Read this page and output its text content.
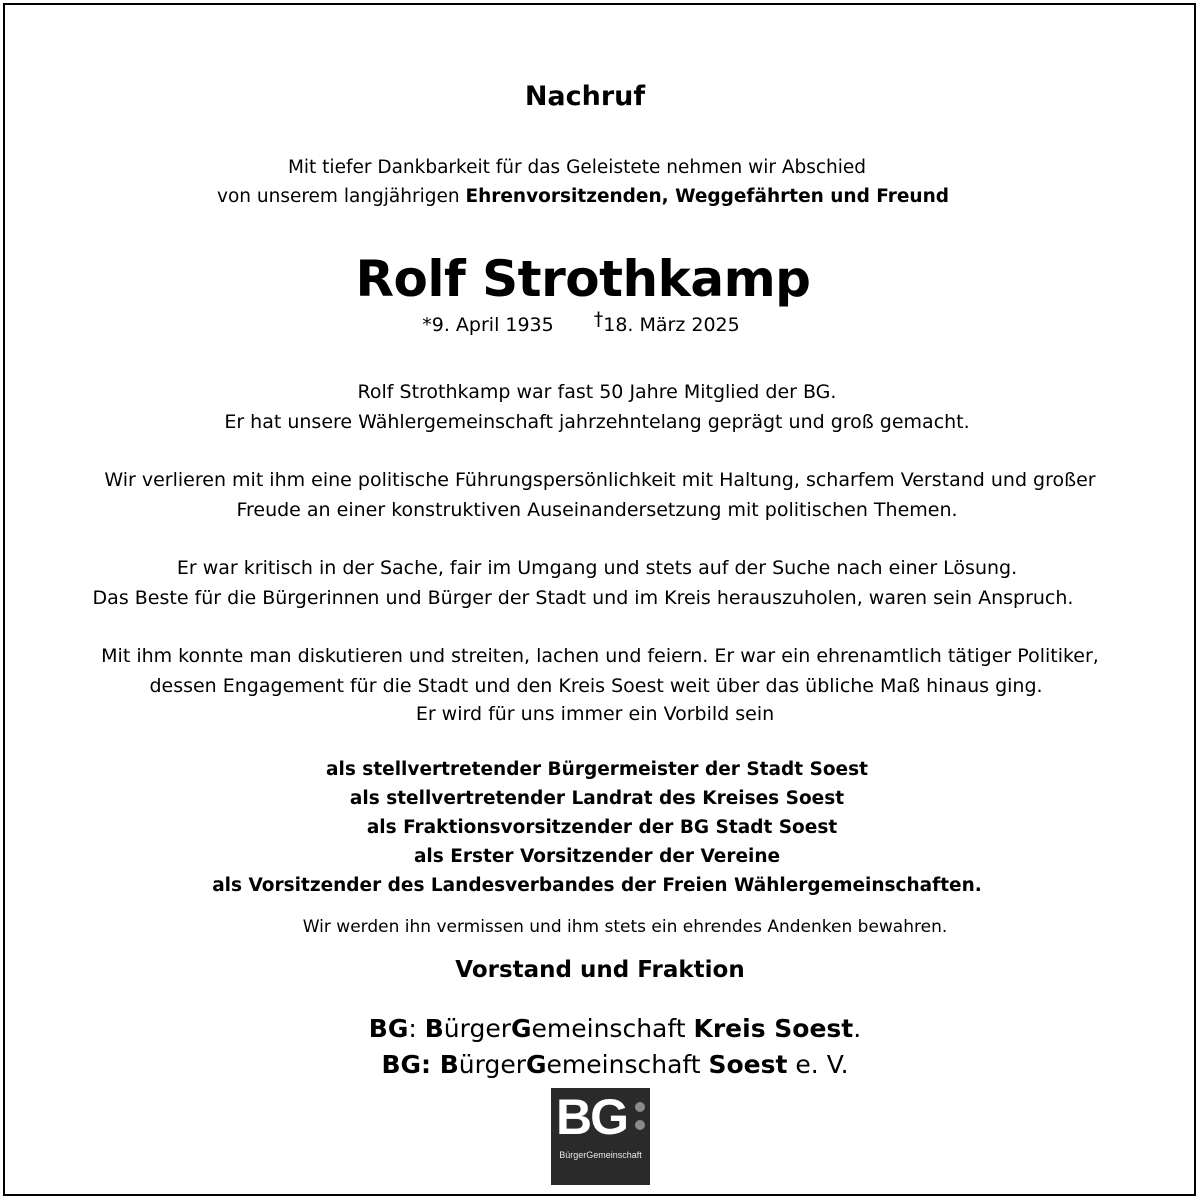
Nachruf
Mit tiefer Dankbarkeit für das Geleistete nehmen wir Abschied
von unserem langjährigen Ehrenvorsitzenden, Weggefährten und Freund
Rolf Strothkamp
*9. April 1935 †18. März 2025
Rolf Strothkamp war fast 50 Jahre Mitglied der BG.
Er hat unsere Wählergemeinschaft jahrzehntelang geprägt und groß gemacht.
Wir verlieren mit ihm eine politische Führungspersönlichkeit mit Haltung, scharfem Verstand und großer
Freude an einer konstruktiven Auseinandersetzung mit politischen Themen.
Er war kritisch in der Sache, fair im Umgang und stets auf der Suche nach einer Lösung.
Das Beste für die Bürgerinnen und Bürger der Stadt und im Kreis herauszuholen, waren sein Anspruch.
Mit ihm konnte man diskutieren und streiten, lachen und feiern. Er war ein ehrenamtlich tätiger Politiker,
dessen Engagement für die Stadt und den Kreis Soest weit über das übliche Maß hinaus ging.
Er wird für uns immer ein Vorbild sein
als stellvertretender Bürgermeister der Stadt Soest
als stellvertretender Landrat des Kreises Soest
als Fraktionsvorsitzender der BG Stadt Soest
als Erster Vorsitzender der Vereine
als Vorsitzender des Landesverbandes der Freien Wählergemeinschaften.
Wir werden ihn vermissen und ihm stets ein ehrendes Andenken bewahren.
Vorstand und Fraktion
BG: BürgerGemeinschaft Kreis Soest.
BG: BürgerGemeinschaft Soest e. V.
BG
BürgerGemeinschaft
